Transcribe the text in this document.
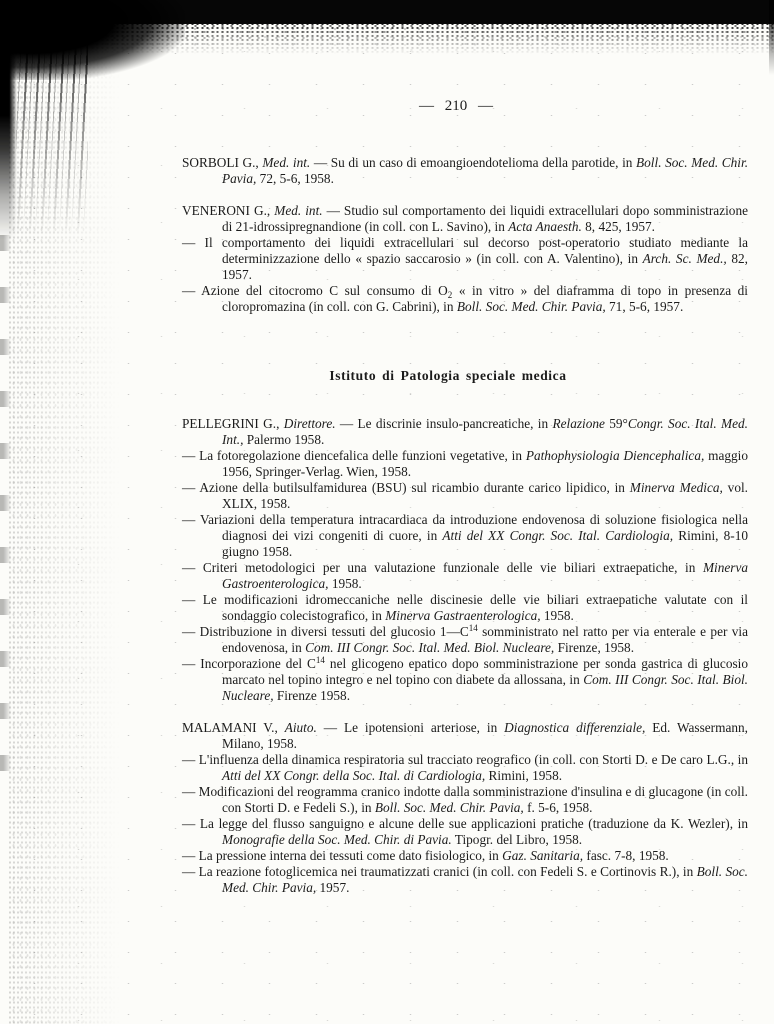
— 210 —

SORBOLI G., Med. int. — Su di un caso di emoangioendotelioma della parotide, in Boll. Soc. Med. Chir. Pavia, 72, 5-6, 1958.

VENERONI G., Med. int. — Studio sul comportamento dei liquidi extracellulari dopo somministrazione di 21-idrossipregnandione (in coll. con L. Savino), in Acta Anaesth. 8, 425, 1957.

— Il comportamento dei liquidi extracellulari sul decorso post-operatorio studiato mediante la determinizzazione dello « spazio saccarosio » (in coll. con A. Valentino), in Arch. Sc. Med., 82, 1957.

— Azione del citocromo C sul consumo di $O_2$ « in vitro » del diaframma di topo in presenza di cloropromazina (in coll. con G. Cabrini), in Boll. Soc. Med. Chir. Pavia, 71, 5-6, 1957.

Istituto di Patologia speciale medica

PELLEGRINI G., Direttore. — Le discrinie insulo-pancreatiche, in Relazione 59°Congr. Soc. Ital. Med. Int., Palermo 1958.

— La fotoregolazione diencefalica delle funzioni vegetative, in Pathophysiologia Diencephalica, maggio 1956, Springer-Verlag. Wien, 1958.

— Azione della butilsulfamidurea (BSU) sul ricambio durante carico lipidico, in Minerva Medica, vol. XLIX, 1958.

— Variazioni della temperatura intracardiaca da introduzione endovenosa di soluzione fisiologica nella diagnosi dei vizi congeniti di cuore, in Atti del XX Congr. Soc. Ital. Cardiologia, Rimini, 8-10 giugno 1958.

— Criteri metodologici per una valutazione funzionale delle vie biliari extraepatiche, in Minerva Gastroenterologica, 1958.

— Le modificazioni idromeccaniche nelle discinesie delle vie biliari extraepatiche valutate con il sondaggio colecistografico, in Minerva Gastraenterologica, 1958.

— Distribuzione in diversi tessuti del glucosio $1—C^{14}$ somministrato nel ratto per via enterale e per via endovenosa, in Com. III Congr. Soc. Ital. Med. Biol. Nucleare, Firenze, 1958.

— Incorporazione del $C^{14}$ nel glicogeno epatico dopo somministrazione per sonda gastrica di glucosio marcato nel topino integro e nel topino con diabete da allossana, in Com. III Congr. Soc. Ital. Biol. Nucleare, Firenze 1958.

MALAMANI V., Aiuto. — Le ipotensioni arteriose, in Diagnostica differenziale, Ed. Wassermann, Milano, 1958.

— L'influenza della dinamica respiratoria sul tracciato reografico (in coll. con Storti D. e De caro L.G., in Atti del XX Congr. della Soc. Ital. di Cardiologia, Rimini, 1958.

— Modificazioni del reogramma cranico indotte dalla somministrazione d'insulina e di glucagone (in coll. con Storti D. e Fedeli S.), in Boll. Soc. Med. Chir. Pavia, f. 5-6, 1958.

— La legge del flusso sanguigno e alcune delle sue applicazioni pratiche (traduzione da K. Wezler), in Monografie della Soc. Med. Chir. di Pavia. Tipogr. del Libro, 1958.

— La pressione interna dei tessuti come dato fisiologico, in Gaz. Sanitaria, fasc. 7-8, 1958.

— La reazione fotoglicemica nei traumatizzati cranici (in coll. con Fedeli S. e Cortinovis R.), in Boll. Soc. Med. Chir. Pavia, 1957.
